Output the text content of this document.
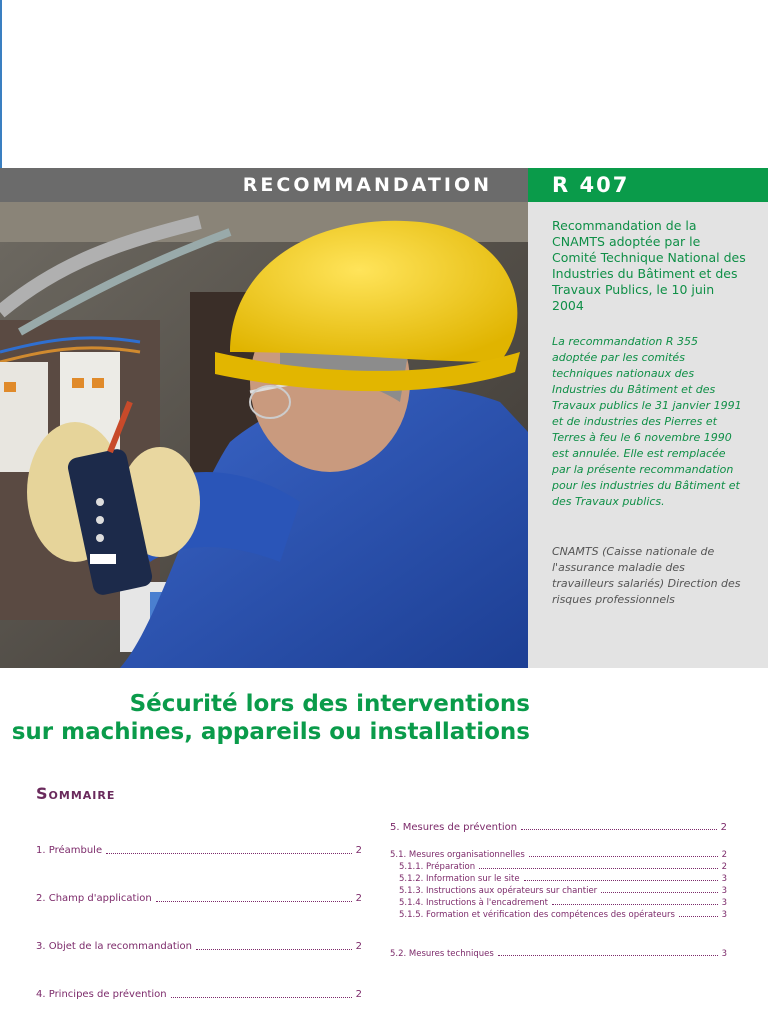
RECOMMANDATION	R 407
© Yves COUSSON / INRS

Recommandation de la CNAMTS adoptée par le Comité Technique National des Industries du Bâtiment et des Travaux Publics, le 10 juin 2004

La recommandation R 355 adoptée par les comités techniques nationaux des Industries du Bâtiment et des Travaux publics le 31 janvier 1991 et de industries des Pierres et Terres à feu le 6 novembre 1990 est annulée. Elle est remplacée par la présente recommandation pour les industries du Bâtiment et des Travaux publics.

CNAMTS (Caisse nationale de l'assurance maladie des travailleurs salariés) Direction des risques professionnels

Sécurité lors des interventions
sur machines, appareils ou installations
Sommaire
1. Préambule	2
2. Champ d'application	2
3. Objet de la recommandation	2
4. Principes de prévention	2
5. Mesures de prévention	2
5.1. Mesures organisationnelles	2
5.1.1. Préparation	2
5.1.2. Information sur le site	3
5.1.3. Instructions aux opérateurs sur chantier	3
5.1.4. Instructions à l'encadrement	3
5.1.5. Formation et vérification des compétences des opérateurs	3
5.2. Mesures techniques	3
